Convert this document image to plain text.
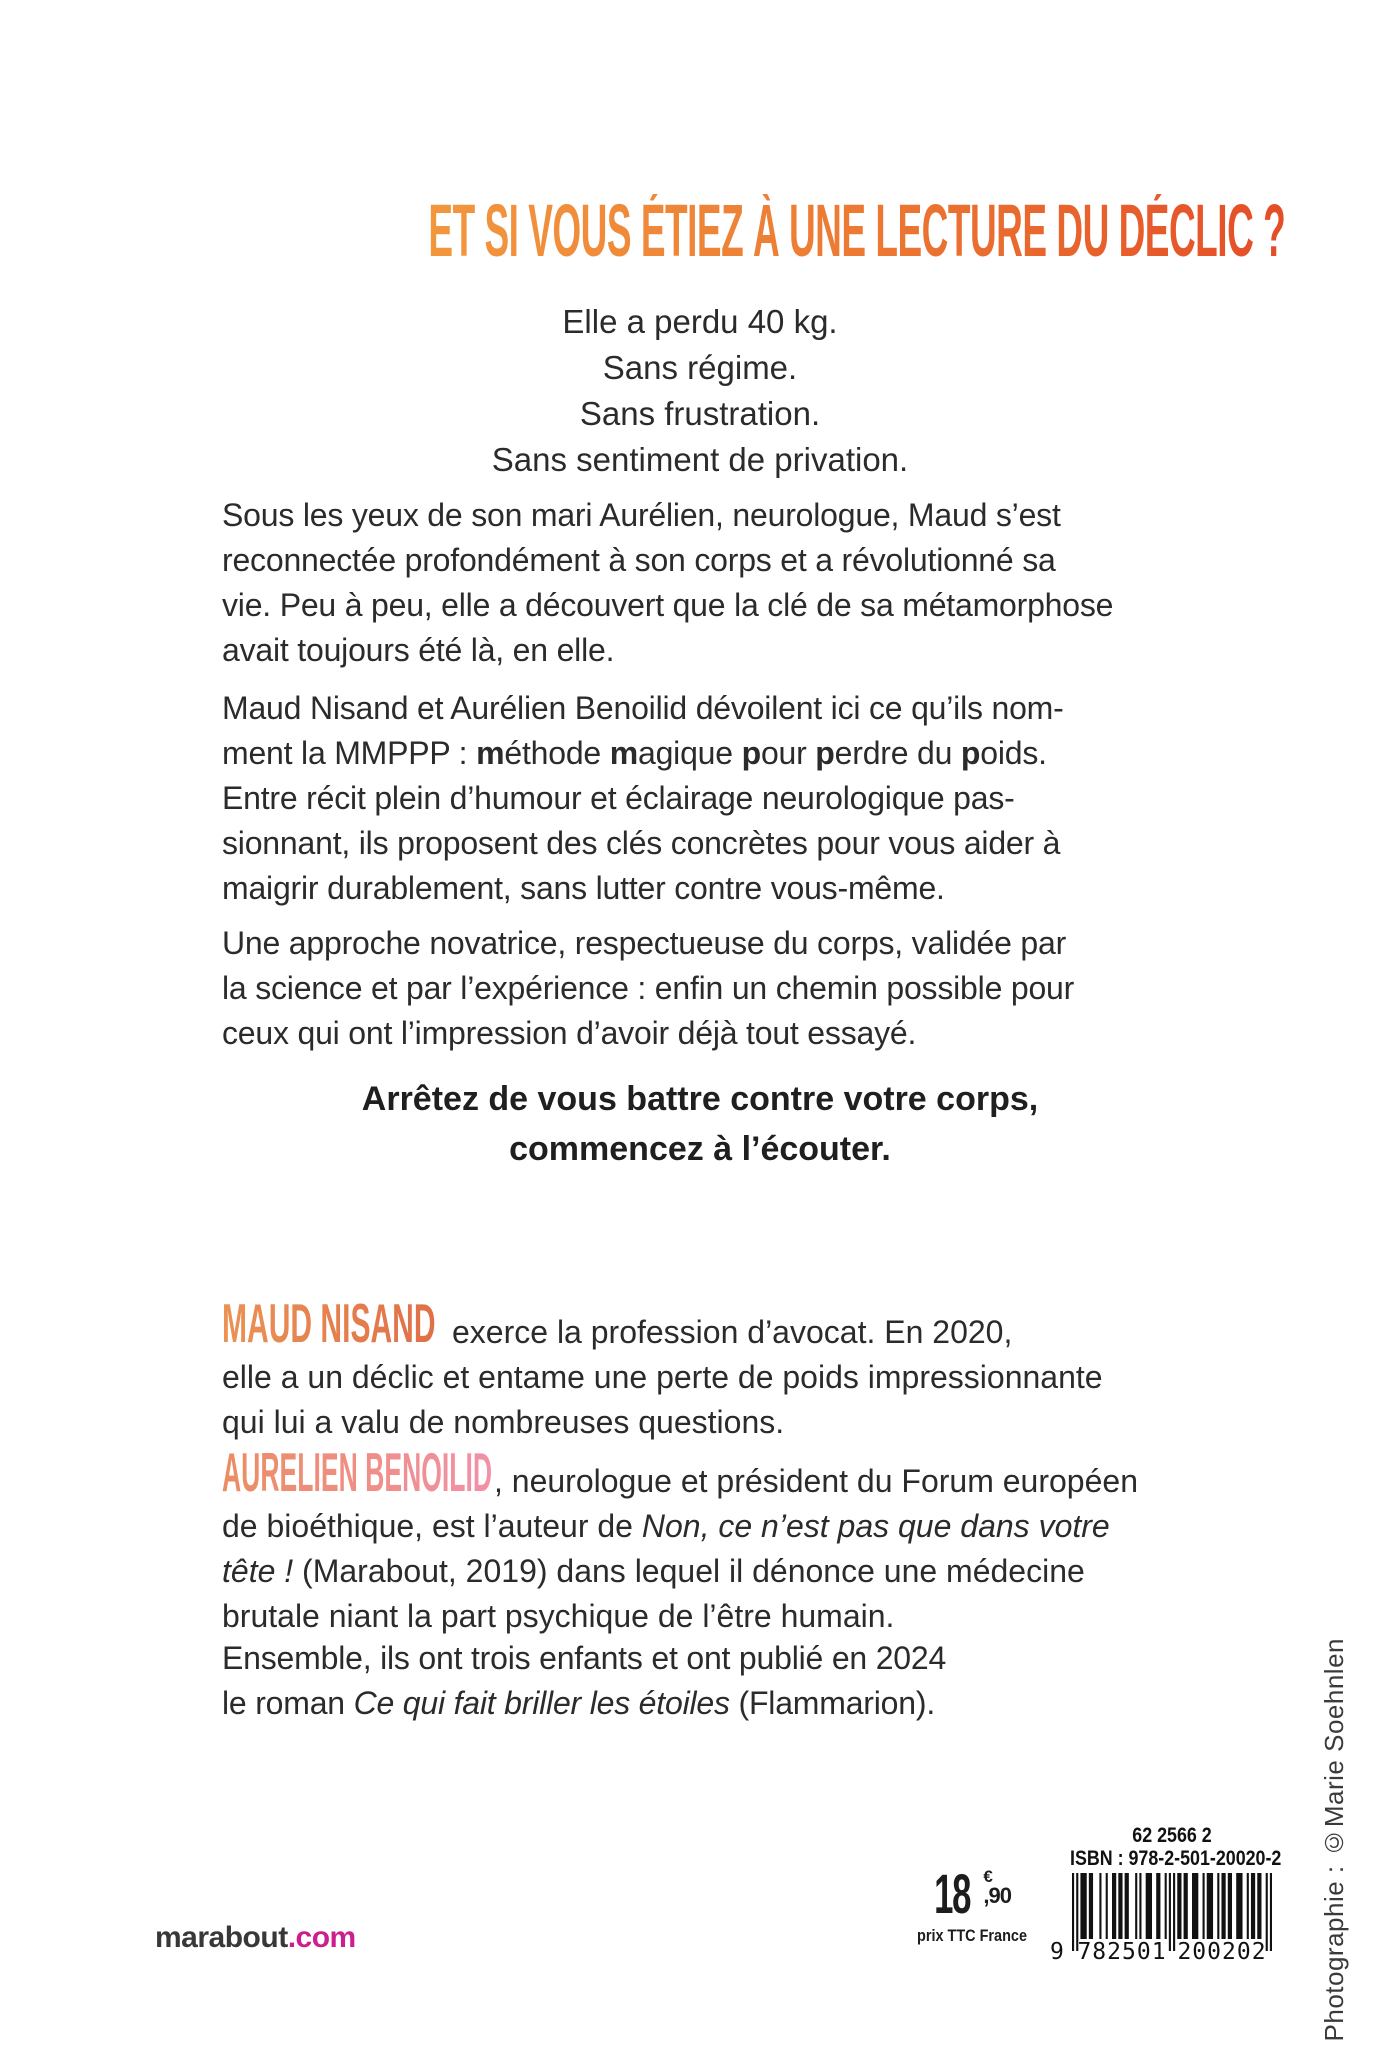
ET SI VOUS ÉTIEZ À UNE LECTURE DU DÉCLIC ?
Elle a perdu 40 kg.
Sans régime.
Sans frustration.
Sans sentiment de privation.

Sous les yeux de son mari Aurélien, neurologue, Maud s’est
reconnectée profondément à son corps et a révolutionné sa
vie. Peu à peu, elle a découvert que la clé de sa métamorphose
avait toujours été là, en elle.

Maud Nisand et Aurélien Benoilid dévoilent ici ce qu’ils nom-
ment la MMPPP : méthode magique pour perdre du poids.
Entre récit plein d’humour et éclairage neurologique pas-
sionnant, ils proposent des clés concrètes pour vous aider à
maigrir durablement, sans lutter contre vous-même.

Une approche novatrice, respectueuse du corps, validée par
la science et par l’expérience : enfin un chemin possible pour
ceux qui ont l’impression d’avoir déjà tout essayé.

Arrêtez de vous battre contre votre corps,
commencez à l’écouter.
MAUD NISAND exerce la profession d’avocat. En 2020,
elle a un déclic et entame une perte de poids impressionnante
qui lui a valu de nombreuses questions.
AURÉLIEN BENOILID , neurologue et président du Forum européen
de bioéthique, est l’auteur de Non, ce n’est pas que dans votre
tête ! (Marabout, 2019) dans lequel il dénonce une médecine
brutale niant la part psychique de l’être humain.

Ensemble, ils ont trois enfants et ont publié en 2024
le roman Ce qui fait briller les étoiles (Flammarion).

marabout.com
18 €
,90
prix TTC France
62 2566 2
ISBN : 978-2-501-20020-2
9 782501 200202 Photographie : ©Marie Soehnlen
